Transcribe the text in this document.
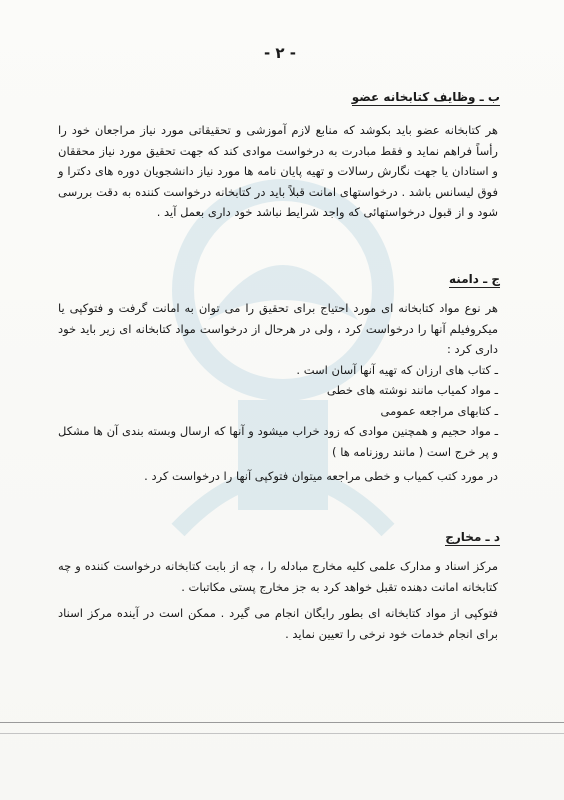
- ٢ -
ب ـ وظایف کتابخانه عضو

هر کتابخانه عضو باید بکوشد که منابع لازم آموزشی و تحقیقاتی مورد نیاز مراجعان خود را رأساً فراهم نماید و فقط مبادرت به درخواست موادی کند که جهت تحقیق مورد نیاز محققان و استادان یا جهت نگارش رسالات و تهیه پایان نامه ها مورد نیاز دانشجویان دوره های دکترا و فوق لیسانس باشد . درخواستهای امانت قبلاً باید در کتابخانه درخواست کننده به دقت بررسی شود و از قبول درخواستهائی که واجد شرایط نباشد خود داری بعمل آید .

ج ـ دامنه

هر نوع مواد کتابخانه ای مورد احتیاج برای تحقیق را می توان به امانت گرفت و فتوکپی یا میکروفیلم آنها را درخواست کرد ، ولی در هرحال از درخواست مواد کتابخانه ای زیر باید خود داری کرد :

ـ کتاب های ارزان که تهیه آنها آسان است .

ـ مواد کمیاب مانند نوشته های خطی

ـ کتابهای مراجعه عمومی

ـ مواد حجیم و همچنین موادی که زود خراب میشود و آنها که ارسال وبسته بندی آن ها مشکل و پر خرج است ( مانند روزنامه ها )

در مورد کتب کمیاب و خطی مراجعه میتوان فتوکپی آنها را درخواست کرد .

د ـ مخارج

مرکز اسناد و مدارک علمی کلیه مخارج مبادله را ، چه از بابت کتابخانه درخواست کننده و چه کتابخانه امانت دهنده تقبل خواهد کرد به جز مخارج پستی مکاتبات .

فتوکپی از مواد کتابخانه ای بطور رایگان انجام می گیرد . ممکن است در آینده مرکز اسناد برای انجام خدمات خود نرخی را تعیین نماید .
